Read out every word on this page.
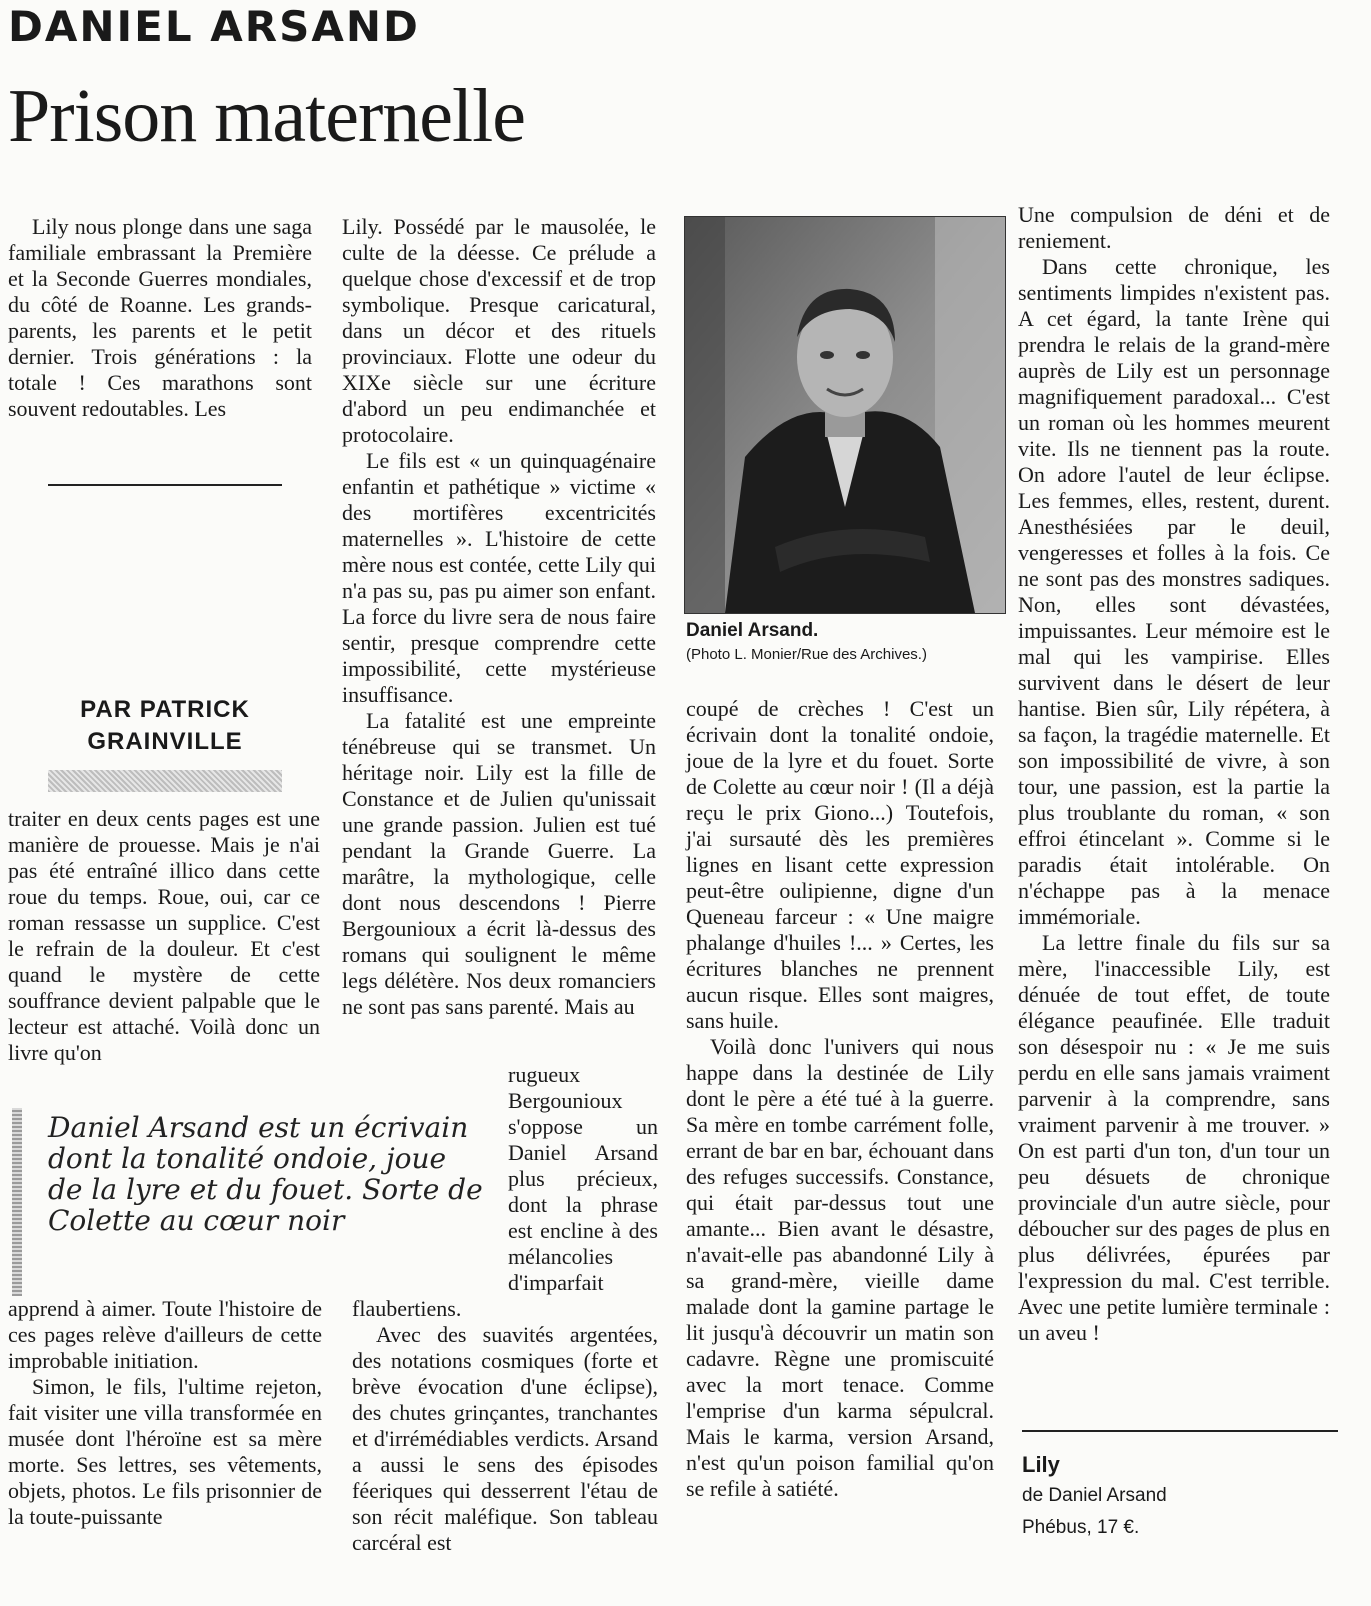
DANIEL ARSAND
Prison maternelle

Lily nous plonge dans une saga familiale embrassant la Première et la Seconde Guerres mondiales, du côté de Roanne. Les grands-parents, les parents et le petit dernier. Trois générations : la totale ! Ces marathons sont souvent redoutables. Les

PAR PATRICK
GRAINVILLE

traiter en deux cents pages est une manière de prouesse. Mais je n'ai pas été entraîné illico dans cette roue du temps. Roue, oui, car ce roman ressasse un supplice. C'est le refrain de la douleur. Et c'est quand le mystère de cette souffrance devient palpable que le lecteur est attaché. Voilà donc un livre qu'on

Daniel Arsand est un écrivain dont la tonalité ondoie, joue de la lyre et du fouet. Sorte de Colette au cœur noir

apprend à aimer. Toute l'histoire de ces pages relève d'ailleurs de cette improbable initiation.

Simon, le fils, l'ultime rejeton, fait visiter une villa transformée en musée dont l'héroïne est sa mère morte. Ses lettres, ses vêtements, objets, photos. Le fils prisonnier de la toute-puissante

Lily. Possédé par le mausolée, le culte de la déesse. Ce prélude a quelque chose d'excessif et de trop symbolique. Presque caricatural, dans un décor et des rituels provinciaux. Flotte une odeur du XIXe siècle sur une écriture d'abord un peu endimanchée et protocolaire.

Le fils est « un quinquagénaire enfantin et pathétique » victime « des mortifères excentricités maternelles ». L'histoire de cette mère nous est contée, cette Lily qui n'a pas su, pas pu aimer son enfant. La force du livre sera de nous faire sentir, presque comprendre cette impossibilité, cette mystérieuse insuffisance.

La fatalité est une empreinte ténébreuse qui se transmet. Un héritage noir. Lily est la fille de Constance et de Julien qu'unissait une grande passion. Julien est tué pendant la Grande Guerre. La marâtre, la mythologique, celle dont nous descendons ! Pierre Bergounioux a écrit là-dessus des romans qui soulignent le même legs délétère. Nos deux romanciers ne sont pas sans parenté. Mais au

rugueux Bergounioux s'oppose un Daniel Arsand plus précieux, dont la phrase est encline à des mélancolies d'imparfait

flaubertiens.

Avec des suavités argentées, des notations cosmiques (forte et brève évocation d'une éclipse), des chutes grinçantes, tranchantes et d'irrémédiables verdicts. Arsand a aussi le sens des épisodes féeriques qui desserrent l'étau de son récit maléfique. Son tableau carcéral est

Daniel Arsand.
(Photo L. Monier/Rue des Archives.)

coupé de crèches ! C'est un écrivain dont la tonalité ondoie, joue de la lyre et du fouet. Sorte de Colette au cœur noir ! (Il a déjà reçu le prix Giono...) Toutefois, j'ai sursauté dès les premières lignes en lisant cette expression peut-être oulipienne, digne d'un Queneau farceur : « Une maigre phalange d'huiles !... » Certes, les écritures blanches ne prennent aucun risque. Elles sont maigres, sans huile.

Voilà donc l'univers qui nous happe dans la destinée de Lily dont le père a été tué à la guerre. Sa mère en tombe carrément folle, errant de bar en bar, échouant dans des refuges successifs. Constance, qui était par-dessus tout une amante... Bien avant le désastre, n'avait-elle pas abandonné Lily à sa grand-mère, vieille dame malade dont la gamine partage le lit jusqu'à découvrir un matin son cadavre. Règne une promiscuité avec la mort tenace. Comme l'emprise d'un karma sépulcral. Mais le karma, version Arsand, n'est qu'un poison familial qu'on se refile à satiété.

Une compulsion de déni et de reniement.

Dans cette chronique, les sentiments limpides n'existent pas. A cet égard, la tante Irène qui prendra le relais de la grand-mère auprès de Lily est un personnage magnifiquement paradoxal... C'est un roman où les hommes meurent vite. Ils ne tiennent pas la route. On adore l'autel de leur éclipse. Les femmes, elles, restent, durent. Anesthésiées par le deuil, vengeresses et folles à la fois. Ce ne sont pas des monstres sadiques. Non, elles sont dévastées, impuissantes. Leur mémoire est le mal qui les vampirise. Elles survivent dans le désert de leur hantise. Bien sûr, Lily répétera, à sa façon, la tragédie maternelle. Et son impossibilité de vivre, à son tour, une passion, est la partie la plus troublante du roman, « son effroi étincelant ». Comme si le paradis était intolérable. On n'échappe pas à la menace immémoriale.

La lettre finale du fils sur sa mère, l'inaccessible Lily, est dénuée de tout effet, de toute élégance peaufinée. Elle traduit son désespoir nu : « Je me suis perdu en elle sans jamais vraiment parvenir à la comprendre, sans vraiment parvenir à me trouver. » On est parti d'un ton, d'un tour un peu désuets de chronique provinciale d'un autre siècle, pour déboucher sur des pages de plus en plus délivrées, épurées par l'expression du mal. C'est terrible. Avec une petite lumière terminale : un aveu !

Lily
de Daniel Arsand
Phébus, 17 €.
